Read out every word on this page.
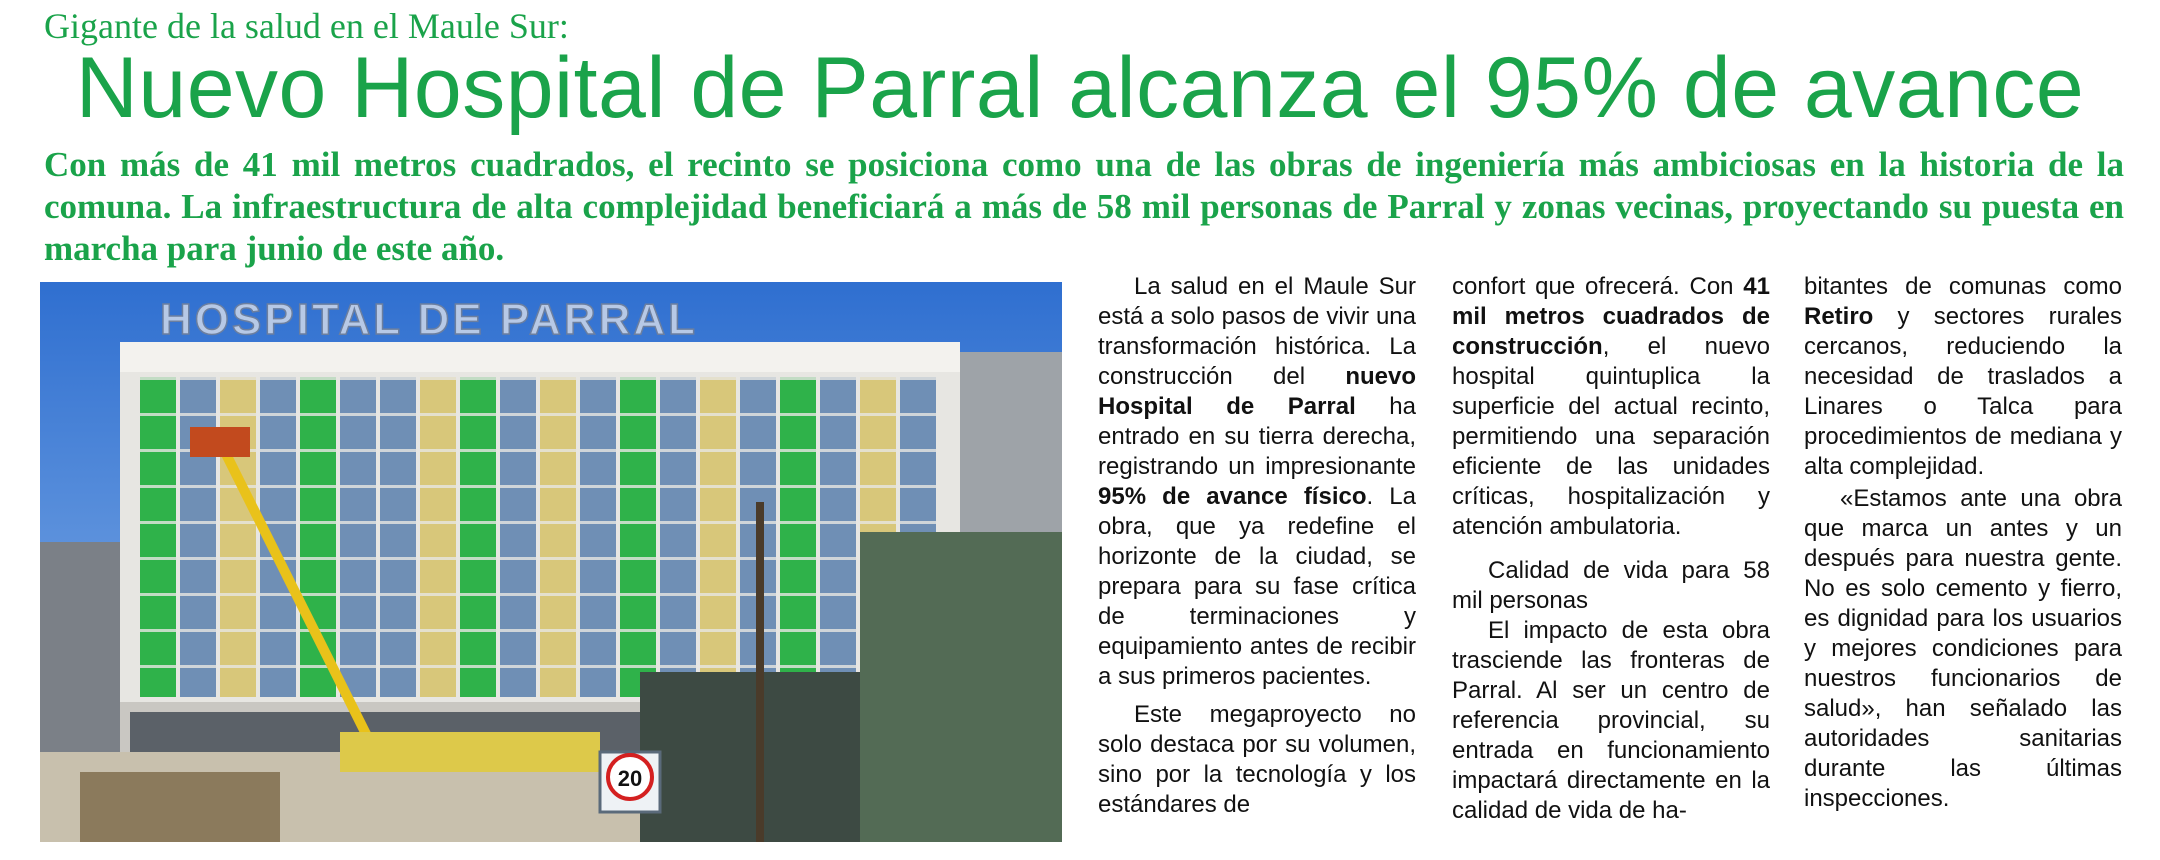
Gigante de la salud en el Maule Sur:
Nuevo Hospital de Parral alcanza el 95% de avance
Con más de 41 mil metros cuadrados, el recinto se posiciona como una de las obras de ingeniería más ambiciosas en la historia de la comuna. La infraestructura de alta complejidad beneficiará a más de 58 mil personas de Parral y zonas vecinas, proyectando su puesta en marcha para junio de este año.
HOSPITAL DE PARRAL
20

La salud en el Maule Sur está a solo pasos de vivir una transformación histórica. La construcción del nuevo Hospital de Parral ha entrado en su tierra derecha, registrando un impresionante 95% de avance físico. La obra, que ya redefine el horizonte de la ciudad, se prepara para su fase crítica de terminaciones y equipamiento antes de recibir a sus primeros pacientes.

Este megaproyecto no solo destaca por su volumen, sino por la tecnología y los estándares de

confort que ofrecerá. Con 41 mil metros cuadrados de construcción, el nuevo hospital quintuplica la superficie del actual recinto, permitiendo una separación eficiente de las unidades críticas, hospitalización y atención ambulatoria.

Calidad de vida para 58 mil personas

El impacto de esta obra trasciende las fronteras de Parral. Al ser un centro de referencia provincial, su entrada en funcionamiento impactará directamente en la calidad de vida de ha-

bitantes de comunas como Retiro y sectores rurales cercanos, reduciendo la necesidad de traslados a Linares o Talca para procedimientos de mediana y alta complejidad.

«Estamos ante una obra que marca un antes y un después para nuestra gente. No es solo cemento y fierro, es dignidad para los usuarios y mejores condiciones para nuestros funcionarios de salud», han señalado las autoridades sanitarias durante las últimas inspecciones.
